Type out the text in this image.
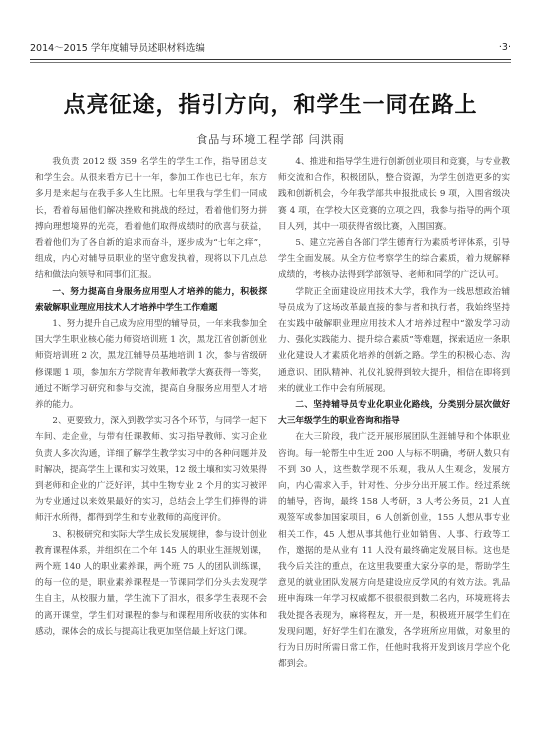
2014～2015 学年度辅导员述职材料选编	·3·
点亮征途，指引方向，和学生一同在路上
食品与环境工程学部 闫洪雨

我负责 2012 级 359 名学生的学生工作，指导团总支和学生会。从很来看方已十一年，参加工作也已七年，东方多月是来起与在我手多人生比照。七年里我与学生们一同成长，看着每届他们解决挫败和挑战的经过，看着他们努力拼搏向理想境界的光亮，看着他们取得成绩时的欣喜与获益，看着他们为了各自新的追求而奋斗，逐步成为“七年之痒”，组成，内心对辅导员职业的坚守愈发执着，现将以下几点总结和做法向领导和同事们汇报。

一、努力提高自身服务应用型人才培养的能力，积极探索破解职业理应用技术人才培养中学生工作难题

1、努力提升自己成为应用型的辅导员，一年来我参加全国大学生职业核心能力师资培训班 1 次，黑龙江省创新创业师资培训班 2 次，黑龙江辅导员基地培训 1 次，参与省级研修课题 1 项，参加东方学院青年教师教学大赛获得一等奖，通过不断学习研究和参与交流，提高自身服务应用型人才培养的能力。

2、更要致力，深入到教学实习各个环节，与同学一起下车间、走企业，与带有任课教师、实习指导教师、实习企业负责人多次沟通，详细了解学生教学实习中的各种问题并及时解决，提高学生上课和实习效果，12 级土壤和实习效果得到老师和企业的广泛好评，其中生物专业 2 个月的实习被评为专业通过以来效果最好的实习，总结会上学生们捧得的讲师汗水所得，都得到学生和专业教师的高度评价。

3、积极研究和实际大学生成长发展规律，参与设计创业教育课程体系，并组织在二个年 145 人的职业生涯规划课，两个班 140 人的职业素养课，两个班 75 人的团队训练课，的每一位的是，职业素养课程是一节课同学们分头去发现学生自主，从校服力量，学生流下了泪水，很多学生表现不会的离开课堂，学生们对课程的参与和课程用所收获的实体和感动，课体会的成长与提高让我更加坚信最上好这门课。

4、推进和指导学生进行创新创业项目和竞赛，与专业教师交流和合作，积极团队，整合资源，为学生创造更多的实践和创新机会，今年我学部共申报批成长 9 项，入围省级决赛 4 项，在学校大区竞赛的立项之四，我参与指导的两个项目人列，其中一项获得省级比赛，入围国赛。

5、建立完善自各部门学生德育行为素质考评体系，引导学生全面发展。从全方位考察学生的综合素质，着力规解释成绩的，考核办法得到学部领导、老师和同学的广泛认可。

学院正全面建设应用技术大学，我作为一线思想政治辅导员成为了这场改革最直接的参与者和执行者，我始终坚持在实践中破解职业理应用技术人才培养过程中“激发学习动力、强化实践能力、提升综合素质”等难题，探索适应一条职业化建设人才素质化培养的创新之路。学生的积极心态、沟通意识、团队精神、礼仪礼貌得到较大提升，相信在即将到来的就业工作中会有所展现。

二、坚持辅导员专业化职业化路线，分类别分层次做好大三年级学生的职业咨询和指导

在大三阶段，我广泛开展形展团队生涯辅导和个体职业咨询。每一轮帮生中生近 200 人与标不明确，考研人数只有不到 30 人，这些数学现不乐观，我从人生观念，发展方向，内心需求入手，针对性、分步分出开展工作。经过系统的辅导，咨询，最终 158 人考研，3 人考公务员，21 人直观签军或参加国家项目，6 人创新创业，155 人想从事专业相关工作，45 人想从事其他行业如销售、人事、行政等工作，邀据的是从业有 11 人没有最终确定发展目标。这也是我今后关注的重点，在这里我要重大家分享的是，帮助学生意见的就业团队发展方向是建设应反学风的有效方法。乳品班申海珠一年学习权威都不很很很到数二名内，环境班将去我处提各表现为，麻将程友，开一是，积极班开展学生们在发现问题，好好学生们在激发，各学班所应用做，对象里的行为日历时所需日常工作，任他时我将开发到该月学应个化都到会。
